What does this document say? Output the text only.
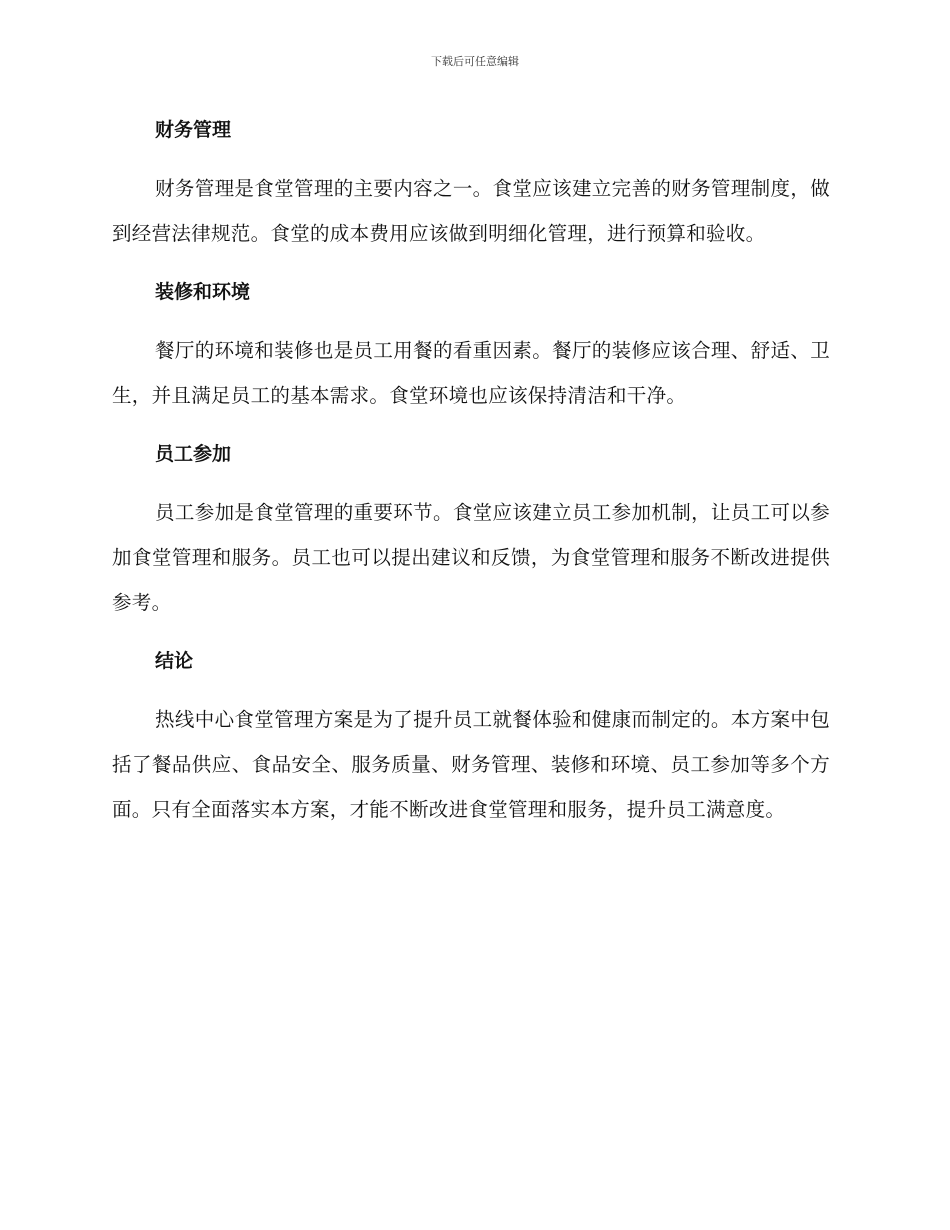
下载后可任意编辑
财务管理

财务管理是食堂管理的主要内容之一。食堂应该建立完善的财务管理制度，做到经营法律规范。食堂的成本费用应该做到明细化管理，进行预算和验收。

装修和环境

餐厅的环境和装修也是员工用餐的看重因素。餐厅的装修应该合理、舒适、卫生，并且满足员工的基本需求。食堂环境也应该保持清洁和干净。

员工参加

员工参加是食堂管理的重要环节。食堂应该建立员工参加机制，让员工可以参加食堂管理和服务。员工也可以提出建议和反馈，为食堂管理和服务不断改进提供参考。

结论

热线中心食堂管理方案是为了提升员工就餐体验和健康而制定的。本方案中包括了餐品供应、食品安全、服务质量、财务管理、装修和环境、员工参加等多个方面。只有全面落实本方案，才能不断改进食堂管理和服务，提升员工满意度。
